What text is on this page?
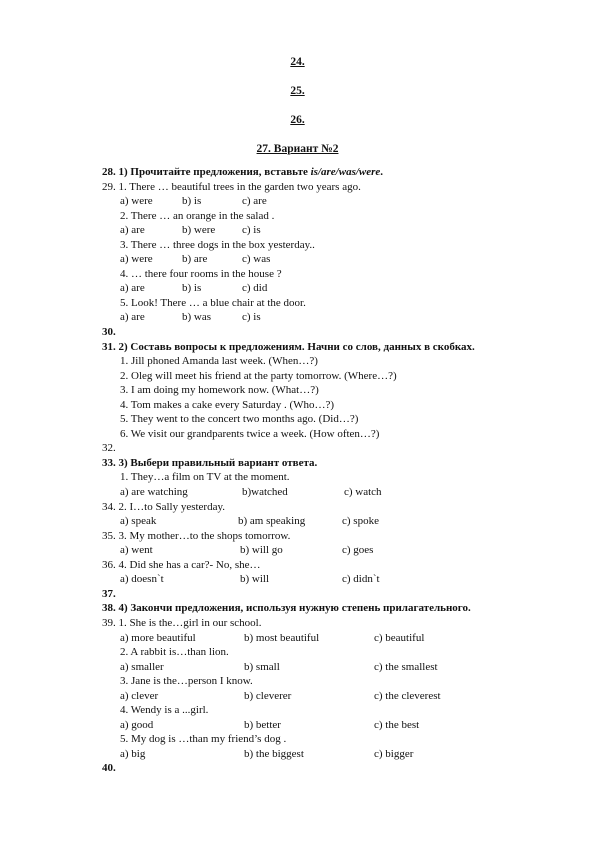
24.
25.
26.
27. Вариант №2
28. 1) Прочитайте предложения, вставьте is/are/was/were.
29. 1. There … beautiful trees in the garden two years ago.
a) were	b) is	c) are
2. There … an orange in the salad .
a) are	b) were c) is
3. There … three dogs in the box yesterday..
a) were	b) are	c) was
4. … there four rooms in the house ?
a) are	b) is	c) did
5. Look! There … a blue chair at the door.
a) are	b) was	c) is
30.
31. 2) Составь вопросы к предложениям. Начни со слов, данных в скобках.
1. Jill phoned Amanda last week. (When…?)
2. Oleg will meet his friend at the party tomorrow. (Where…?)
3. I am doing my homework now. (What…?)
4. Tom makes a cake every Saturday . (Who…?)
5. They went to the concert two months ago. (Did…?)
6. We visit our grandparents twice a week. (How often…?)
32.
33. 3) Выбери правильный вариант ответа.
1. They…a film on TV at the moment.
a) are watching	b)watched	c) watch
34. 2. I…to Sally yesterday.
a) speak	b) am speaking	c) spoke
35. 3. My mother…to the shops tomorrow.
a) went	b) will go	c) goes
36. 4. Did she has a car?- No, she…
a) doesn`t	b) will	c) didn`t
37.
38. 4) Закончи предложения, используя нужную степень прилагательного.
39. 1. She is the…girl in our school.
a) more beautiful	b) most beautiful	c) beautiful
2. A rabbit is…than lion.
a) smaller	b) small	c) the smallest
3. Jane is the…person I know.
a) clever	b) cleverer	c) the cleverest
4. Wendy is a ...girl.
a) good	b) better	c) the best
5. My dog is …than my friend’s dog .
a) big	b) the biggest	c) bigger
40.
